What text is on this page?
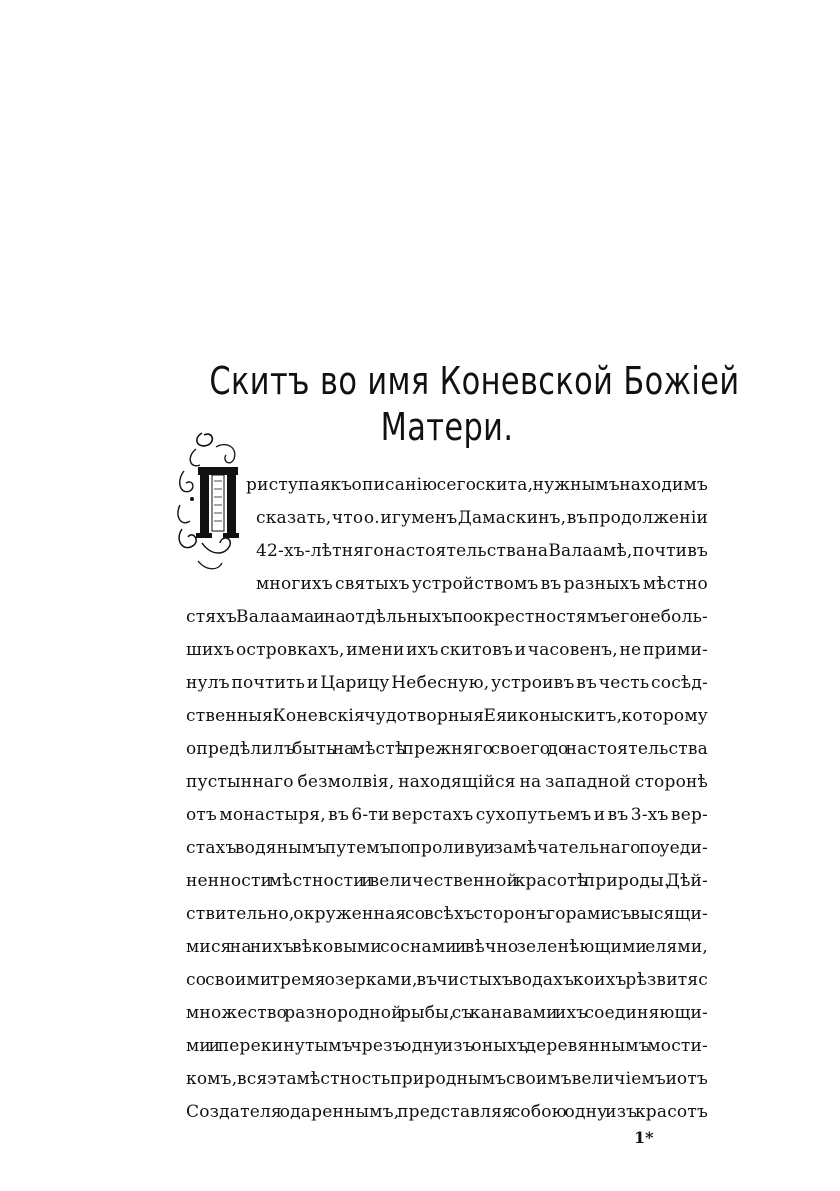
Скитъ во имя Коневской Божiей
Матери.
риступая къ описанію сего скита, нужнымъ находимъ
сказать, что о. игуменъ Дамаскинъ, въ продолженіи
42-хъ-лѣтняго настоятельства на Валаамѣ, почтивъ
многихъ святыхъ устройствомъ въ разныхъ мѣстно
стяхъ Валаама и на отдѣльныхъ по окрестностямъ его неболь-
шихъ островкахъ, имени ихъ скитовъ и часовенъ, не прими-
нулъ почтить и Царицу Небесную, устроивъ въ честь сосѣд-
ственныя Коневскія чудотворныя Ея иконы скитъ, которому
опредѣлилъ быть на мѣстѣ прежняго своего до настоятельства
пустыннаго безмолвія, находящійся на западной сторонѣ
отъ монастыря, въ 6-ти верстахъ сухопутьемъ и въ 3-хъ вер-
стахъ водянымъ путемъ по проливу и замѣчательнаго по уеди-
ненности мѣстности и величественной красотѣ природы. Дѣй-
ствительно, окруженная со всѣхъ сторонъ горами съ высящи-
мися на нихъ вѣковыми соснами и вѣчно зеленѣющими елями,
со своими тремя озерками, въ чистыхъ водахъ коихъ рѣзвитяс
множество разнородной рыбы, съ канавами ихъ соединяющи-
ми и перекинутымъ чрезъ одну изъ оныхъ деревяннымъ мости-
комъ, вся эта мѣстность природнымъ своимъ величіемъ и отъ
Создателя одареннымъ, представляя собою одну изъ красотъ
1*
